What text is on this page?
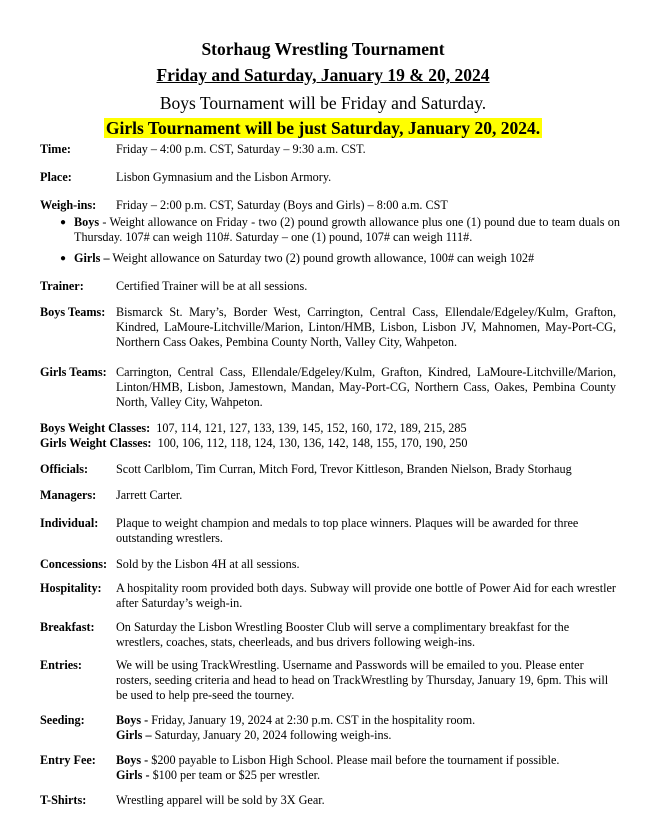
Storhaug Wrestling Tournament
Friday and Saturday, January 19 & 20, 2024
Boys Tournament will be Friday and Saturday.
Girls Tournament will be just Saturday, January 20, 2024.
Time:	Friday – 4:00 p.m. CST, Saturday – 9:30 a.m. CST.
Place:	Lisbon Gymnasium and the Lisbon Armory.
Weigh-ins: Friday – 2:00 p.m. CST, Saturday (Boys and Girls) – 8:00 a.m. CST
● Boys - Weight allowance on Friday - two (2) pound growth allowance plus one (1) pound due to team duals on Thursday. 107# can weigh 110#. Saturday – one (1) pound, 107# can weigh 111#.
● Girls – Weight allowance on Saturday two (2) pound growth allowance, 100# can weigh 102#
Trainer:	Certified Trainer will be at all sessions.
Boys Teams: Bismarck St. Mary’s, Border West, Carrington, Central Cass, Ellendale/Edgeley/Kulm, Grafton, Kindred, LaMoure-Litchville/Marion, Linton/HMB, Lisbon, Lisbon JV, Mahnomen, May-Port-CG, Northern Cass Oakes, Pembina County North, Valley City, Wahpeton.
Girls Teams: Carrington, Central Cass, Ellendale/Edgeley/Kulm, Grafton, Kindred, LaMoure-Litchville/Marion, Linton/HMB, Lisbon, Jamestown, Mandan, May-Port-CG, Northern Cass, Oakes, Pembina County North, Valley City, Wahpeton.
Boys Weight Classes: 107, 114, 121, 127, 133, 139, 145, 152, 160, 172, 189, 215, 285
Girls Weight Classes: 100, 106, 112, 118, 124, 130, 136, 142, 148, 155, 170, 190, 250
Officials: Scott Carlblom, Tim Curran, Mitch Ford, Trevor Kittleson, Branden Nielson, Brady Storhaug
Managers: Jarrett Carter.
Individual: Plaque to weight champion and medals to top place winners. Plaques will be awarded for three outstanding wrestlers.
Concessions: Sold by the Lisbon 4H at all sessions.
Hospitality: A hospitality room provided both days. Subway will provide one bottle of Power Aid for each wrestler after Saturday’s weigh-in.
Breakfast: On Saturday the Lisbon Wrestling Booster Club will serve a complimentary breakfast for the wrestlers, coaches, stats, cheerleads, and bus drivers following weigh-ins.
Entries:	We will be using TrackWrestling. Username and Passwords will be emailed to you. Please enter rosters, seeding criteria and head to head on TrackWrestling by Thursday, January 19, 6pm. This will be used to help pre-seed the tourney.
Seeding:	Boys - Friday, January 19, 2024 at 2:30 p.m. CST in the hospitality room.
Girls – Saturday, January 20, 2024 following weigh-ins.
Entry Fee: Boys - $200 payable to Lisbon High School. Please mail before the tournament if possible.
Girls - $100 per team or $25 per wrestler.
T-Shirts: Wrestling apparel will be sold by 3X Gear.
